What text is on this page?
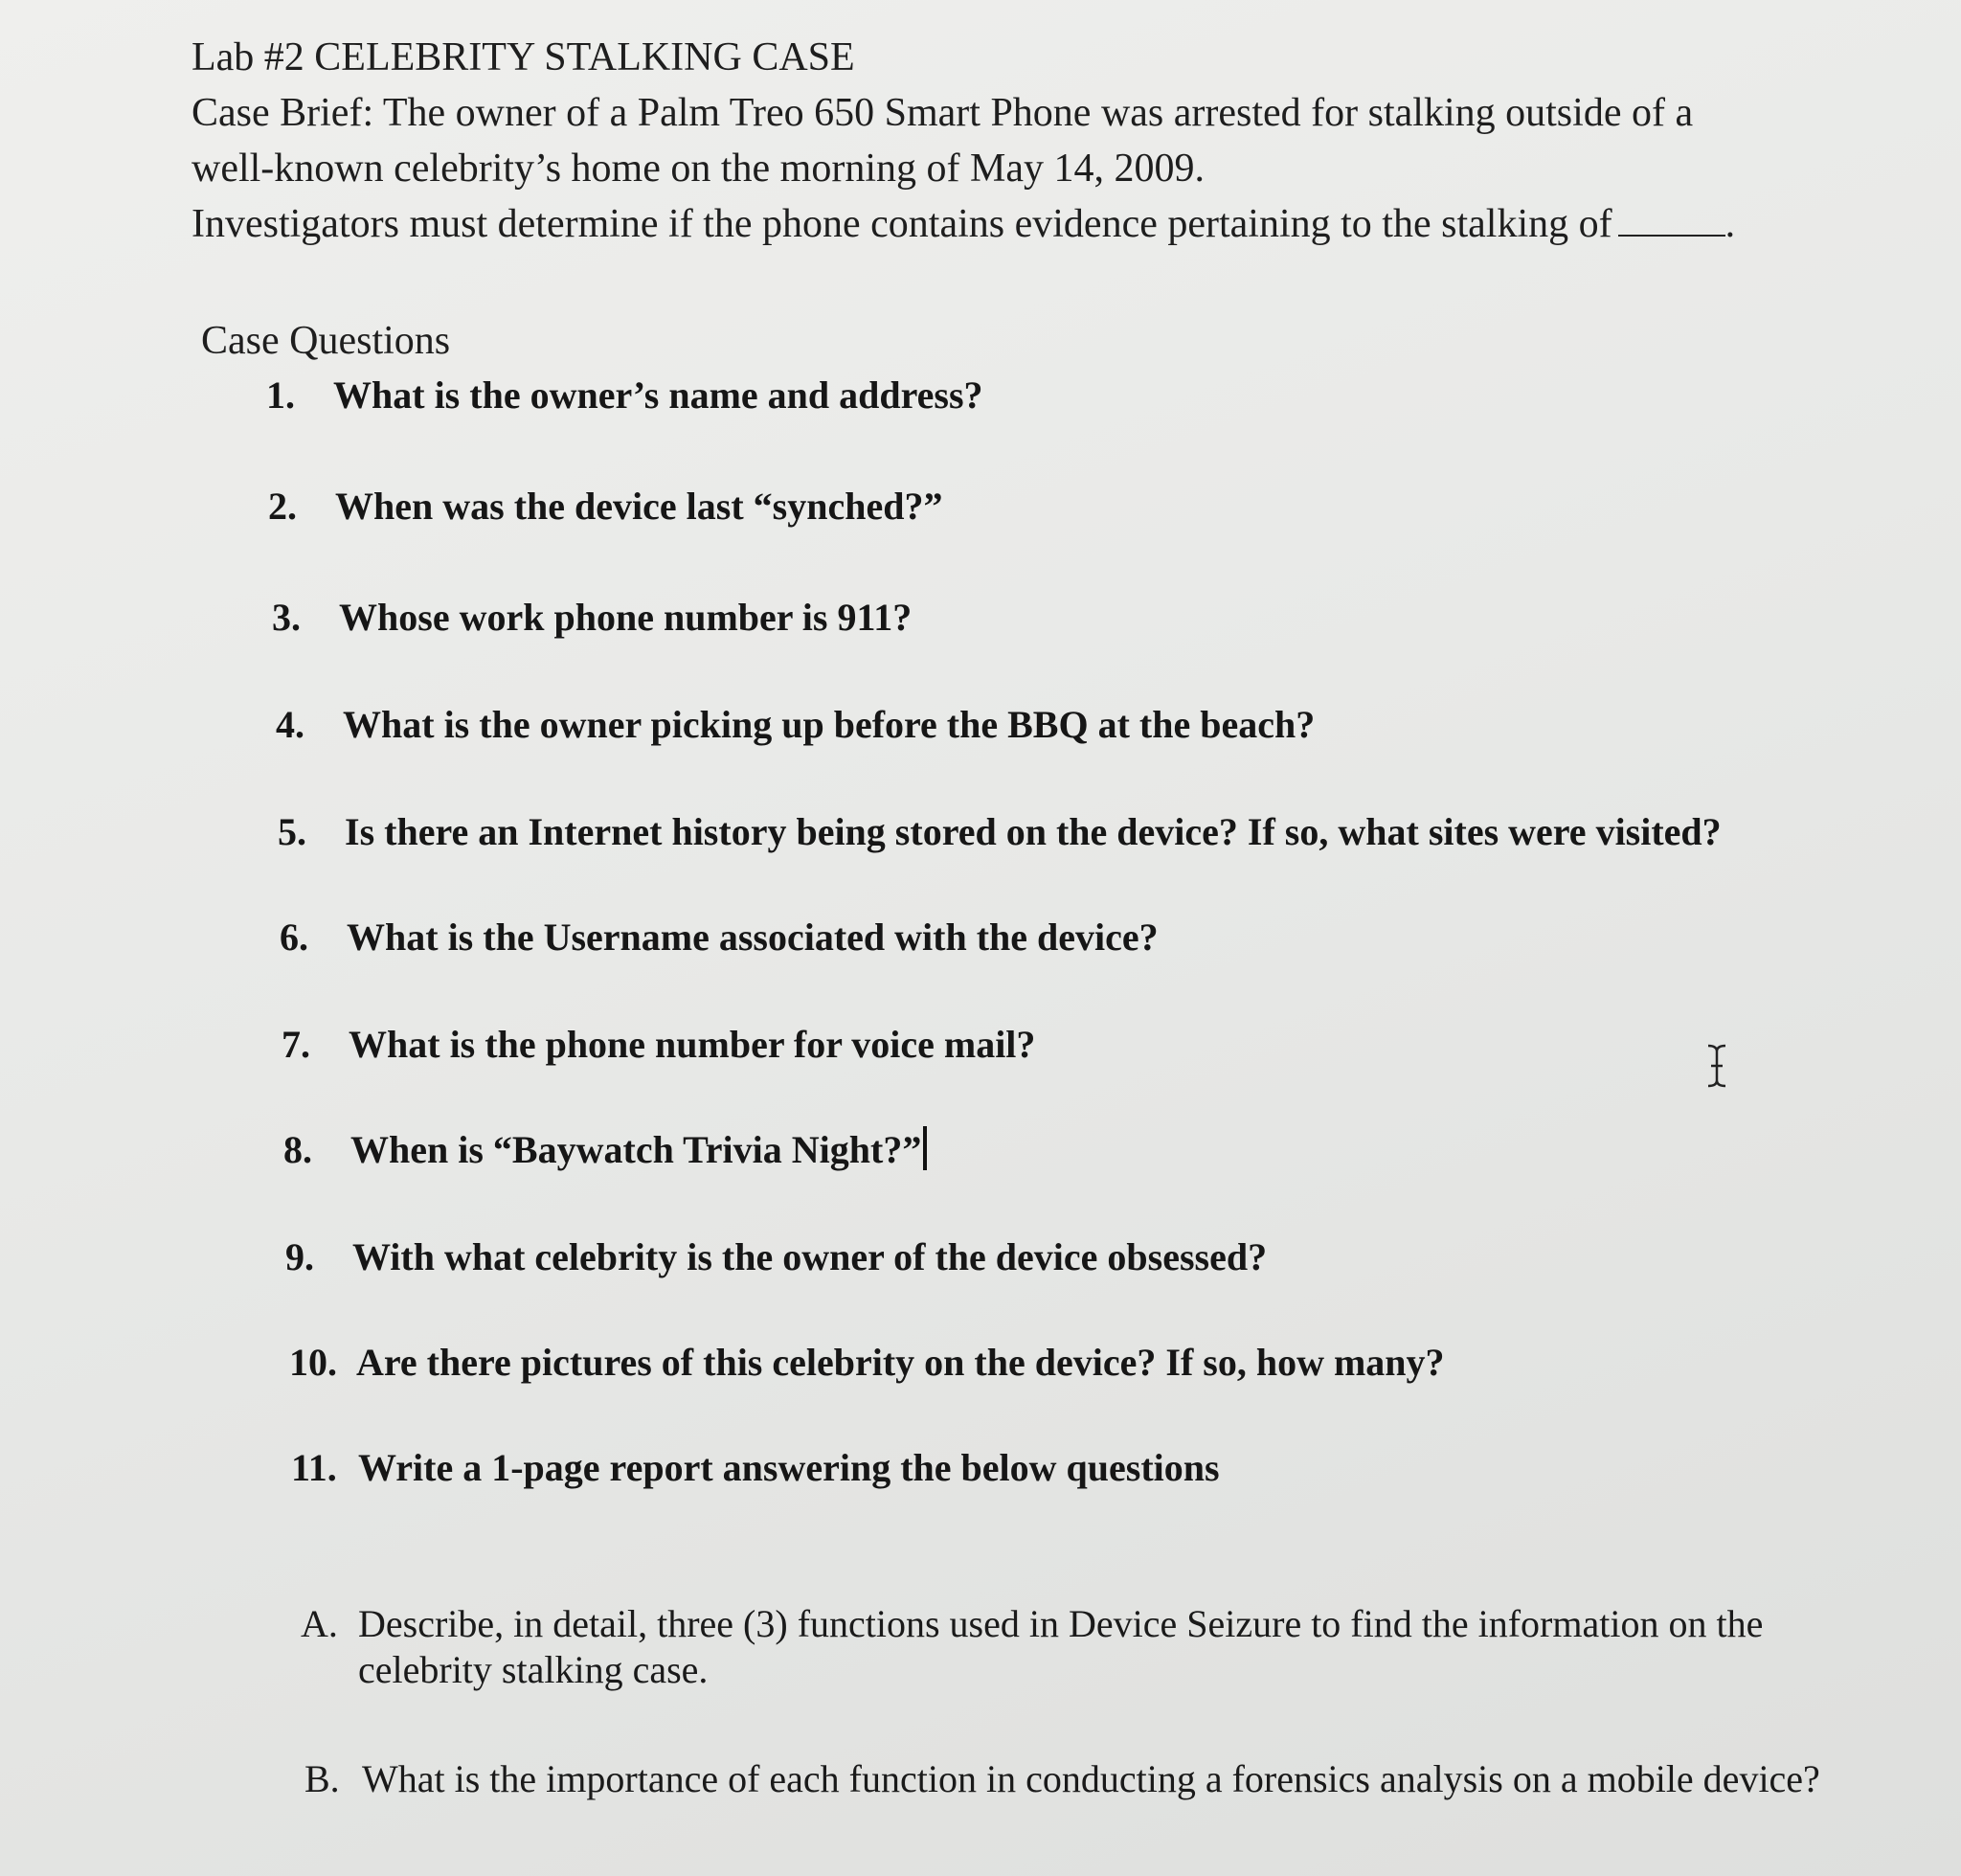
Lab #2 CELEBRITY STALKING CASE
Case Brief: The owner of a Palm Treo 650 Smart Phone was arrested for stalking outside of a
well-known celebrity’s home on the morning of May 14, 2009.
Investigators must determine if the phone contains evidence pertaining to the stalking of	.
Case Questions
1. What is the owner’s name and address?
2. When was the device last “synched?”
3. Whose work phone number is 911?
4. What is the owner picking up before the BBQ at the beach?
5. Is there an Internet history being stored on the device? If so, what sites were visited?
6. What is the Username associated with the device?
7. What is the phone number for voice mail?
8. When is “Baywatch Trivia Night?”
9. With what celebrity is the owner of the device obsessed?
10. Are there pictures of this celebrity on the device? If so, how many?
11. Write a 1-page report answering the below questions
A. Describe, in detail, three (3) functions used in Device Seizure to find the information on the celebrity stalking case.
B. What is the importance of each function in conducting a forensics analysis on a mobile device?
